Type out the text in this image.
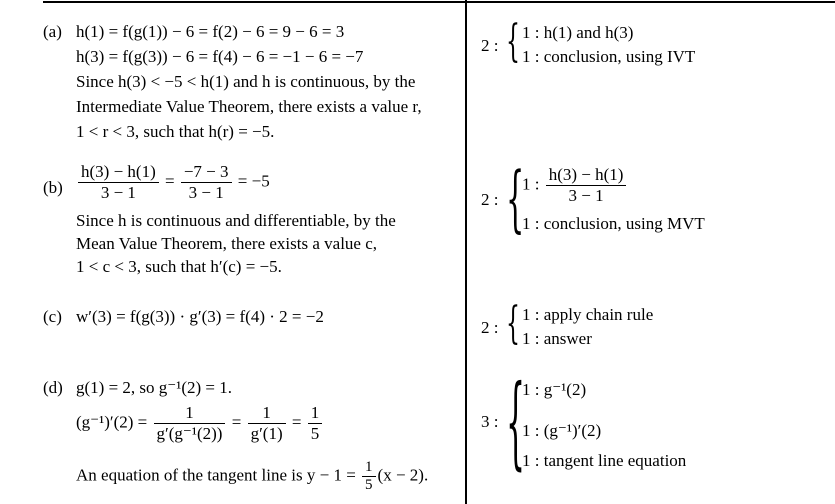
(a) h(1) = f(g(1)) − 6 = f(2) − 6 = 9 − 6 = 3
h(3) = f(g(3)) − 6 = f(4) − 6 = −1 − 6 = −7
Since h(3) < −5 < h(1) and h is continuous, by the
Intermediate Value Theorem, there exists a value r,
1 < r < 3, such that h(r) = −5.
$(b) \frac{h(3) - h(1)}{3 - 1} = \frac{-7 - 3}{3 - 1} = -5$
Since h is continuous and differentiable, by the
Mean Value Theorem, there exists a value c,
1 < c < 3, such that h′(c) = −5.
(c) w′(3) = f(g(3)) · g′(3) = f(4) · 2 = −2
(d) g(1) = 2, so g⁻¹(2) = 1.
$(g^{-1})'(2) = \frac{1}{\text{g′(g⁻¹(2))}} = \frac{1}{g'(1)} = \frac{1}{5}$
An equation of the tangent line is $y - 1 = \frac{1}{5} (x - 2)$.
2 : { 1 : h(1) and h(3)
1 : conclusion, using IVT
2 : {
1 : $\frac{h(3) - h(1)}{3 - 1}$
1 : conclusion, using MVT
2 : { 1 : apply chain rule
1 : answer
3 : {
1 : g⁻¹(2)
1 : (g⁻¹)′(2)
1 : tangent line equation
